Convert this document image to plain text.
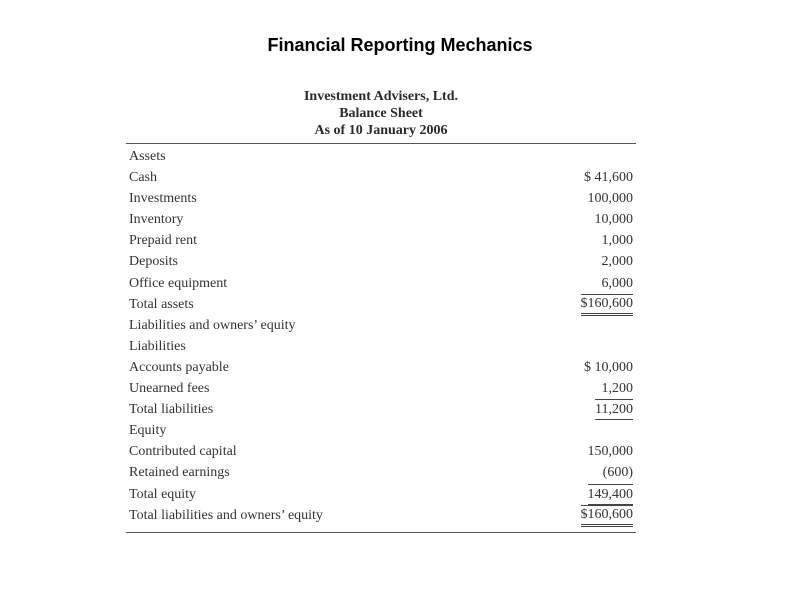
Financial Reporting Mechanics
Investment Advisers, Ltd.
Balance Sheet
As of 10 January 2006
Assets
Cash	$ 41,600
Investments	100,000
Inventory	10,000
Prepaid rent	1,000
Deposits	2,000
Office equipment	6,000
Total assets	$160,600
Liabilities and owners’ equity
Liabilities
Accounts payable	$ 10,000
Unearned fees	1,200
Total liabilities	11,200
Equity
Contributed capital	150,000
Retained earnings	(600)
Total equity	149,400
Total liabilities and owners’ equity	$160,600
